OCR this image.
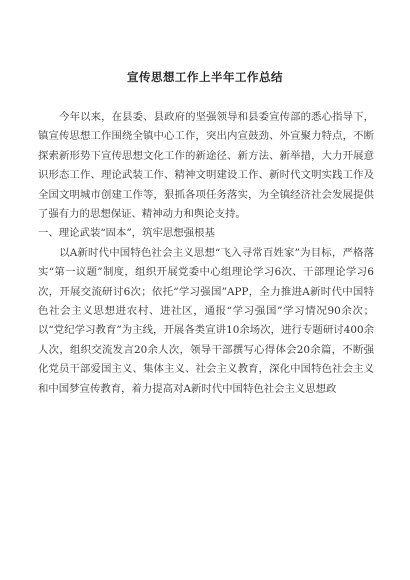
宣传思想工作上半年工作总结

今年以来，在县委、县政府的坚强领导和县委宣传部的悉心指导下，镇宣传思想工作围绕全镇中心工作，突出内宣鼓劲、外宣聚力特点，不断探索新形势下宣传思想文化工作的新途径、新方法、新举措，大力开展意识形态工作、理论武装工作、精神文明建设工作、新时代文明实践工作及全国文明城市创建工作等，狠抓各项任务落实，为全镇经济社会发展提供了强有力的思想保证、精神动力和舆论支持。

一、理论武装“固本”，筑牢思想强根基

以A新时代中国特色社会主义思想“飞入寻常百姓家”为目标，严格落实“第一议题”制度，组织开展党委中心组理论学习6次、干部理论学习6次，开展交流研讨6次；依托“学习强国”APP，全力推进A新时代中国特色社会主义思想进农村、进社区，通报“学习强国”学习情况90余次；以“党纪学习教育”为主线，开展各类宣讲10余场次，进行专题研讨400余人次，组织交流发言20余人次，领导干部撰写心得体会20余篇，不断强化党员干部爱国主义、集体主义、社会主义教育，深化中国特色社会主义和中国梦宣传教育，着力提高对A新时代中国特色社会主义思想政
